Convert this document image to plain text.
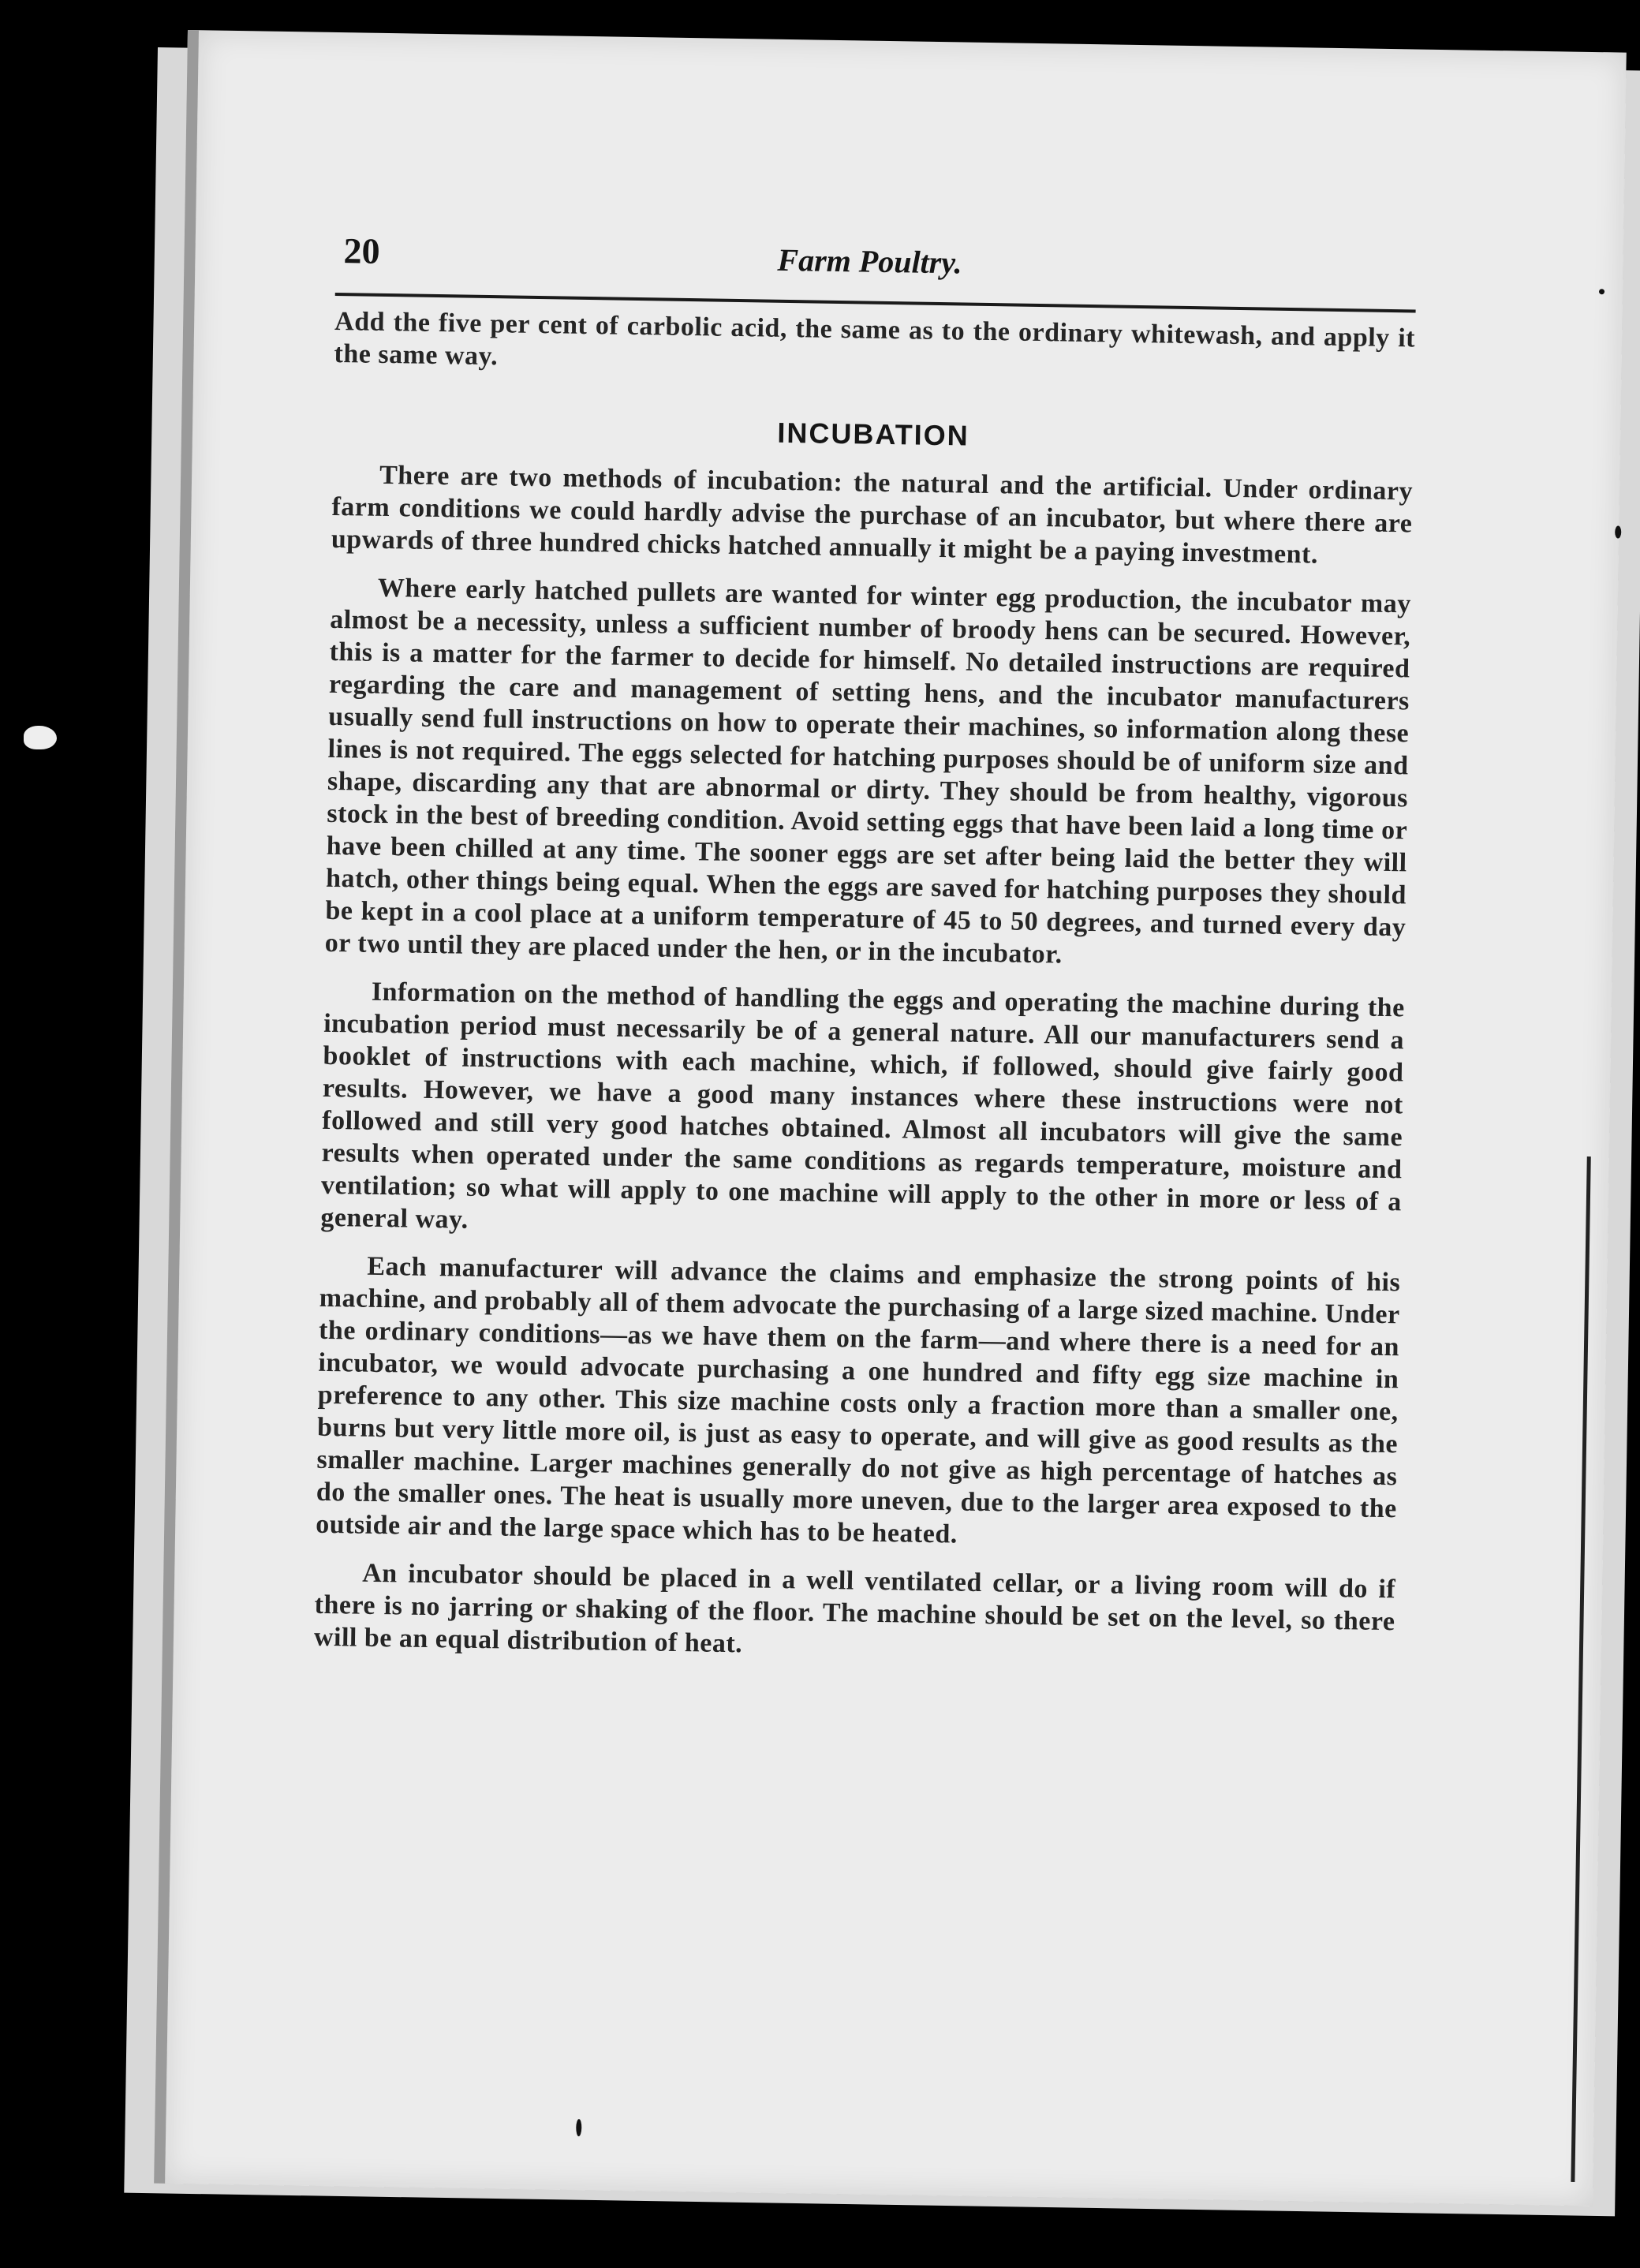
20	Farm Poultry.

Add the five per cent of carbolic acid, the same as to the ordinary whitewash, and apply it the same way.

INCUBATION

There are two methods of incubation: the natural and the artificial. Under ordinary farm conditions we could hardly advise the purchase of an incubator, but where there are upwards of three hundred chicks hatched annually it might be a paying investment.

Where early hatched pullets are wanted for winter egg production, the incubator may almost be a necessity, unless a sufficient number of broody hens can be secured. However, this is a matter for the farmer to decide for himself. No detailed instructions are required regarding the care and management of setting hens, and the incubator manufacturers usually send full instructions on how to operate their machines, so information along these lines is not required. The eggs selected for hatching purposes should be of uniform size and shape, discarding any that are abnormal or dirty. They should be from healthy, vigorous stock in the best of breeding condition. Avoid setting eggs that have been laid a long time or have been chilled at any time. The sooner eggs are set after being laid the better they will hatch, other things being equal. When the eggs are saved for hatching purposes they should be kept in a cool place at a uniform temperature of 45 to 50 degrees, and turned every day or two until they are placed under the hen, or in the incubator.

Information on the method of handling the eggs and operating the machine during the incubation period must necessarily be of a general nature. All our manufacturers send a booklet of instructions with each machine, which, if followed, should give fairly good results. However, we have a good many instances where these instructions were not followed and still very good hatches obtained. Almost all incubators will give the same results when operated under the same conditions as regards temperature, moisture and ventilation; so what will apply to one machine will apply to the other in more or less of a general way.

Each manufacturer will advance the claims and emphasize the strong points of his machine, and probably all of them advocate the purchasing of a large sized machine. Under the ordinary conditions—as we have them on the farm—and where there is a need for an incubator, we would advocate purchasing a one hundred and fifty egg size machine in preference to any other. This size machine costs only a fraction more than a smaller one, burns but very little more oil, is just as easy to operate, and will give as good results as the smaller machine. Larger machines generally do not give as high percentage of hatches as do the smaller ones. The heat is usually more uneven, due to the larger area exposed to the outside air and the large space which has to be heated.

An incubator should be placed in a well ventilated cellar, or a living room will do if there is no jarring or shaking of the floor. The machine should be set on the level, so there will be an equal distribution of heat.
